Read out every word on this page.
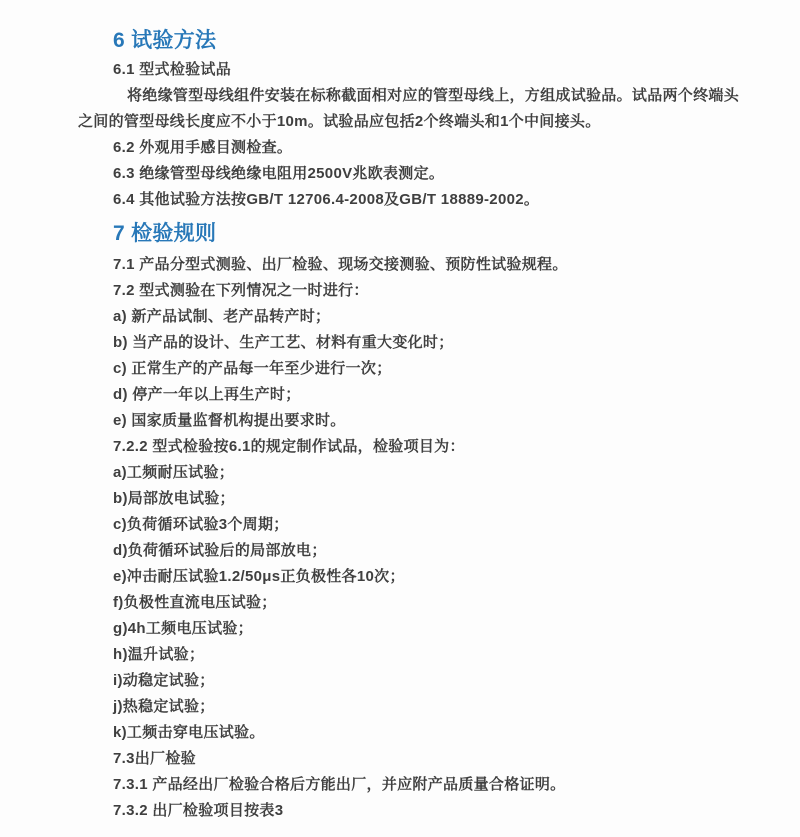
6 试验方法
6.1 型式检验试品
将绝缘管型母线组件安装在标称截面相对应的管型母线上，方组成试验品。试品两个终端头
之间的管型母线长度应不小于10m。试验品应包括2个终端头和1个中间接头。
6.2 外观用手感目测检查。
6.3 绝缘管型母线绝缘电阻用2500V兆欧表测定。
6.4 其他试验方法按GB/T 12706.4-2008及GB/T 18889-2002。
7 检验规则
7.1 产品分型式测验、出厂检验、现场交接测验、预防性试验规程。
7.2 型式测验在下列情况之一时进行：
a) 新产品试制、老产品转产时；
b) 当产品的设计、生产工艺、材料有重大变化时；
c) 正常生产的产品每一年至少进行一次；
d) 停产一年以上再生产时；
e) 国家质量监督机构提出要求时。
7.2.2 型式检验按6.1的规定制作试品，检验项目为：
a)工频耐压试验；
b)局部放电试验；
c)负荷循环试验3个周期；
d)负荷循环试验后的局部放电；
e)冲击耐压试验1.2/50μs正负极性各10次；
f)负极性直流电压试验；
g)4h工频电压试验；
h)温升试验；
i)动稳定试验；
j)热稳定试验；
k)工频击穿电压试验。
7.3出厂检验
7.3.1 产品经出厂检验合格后方能出厂，并应附产品质量合格证明。
7.3.2 出厂检验项目按表3
